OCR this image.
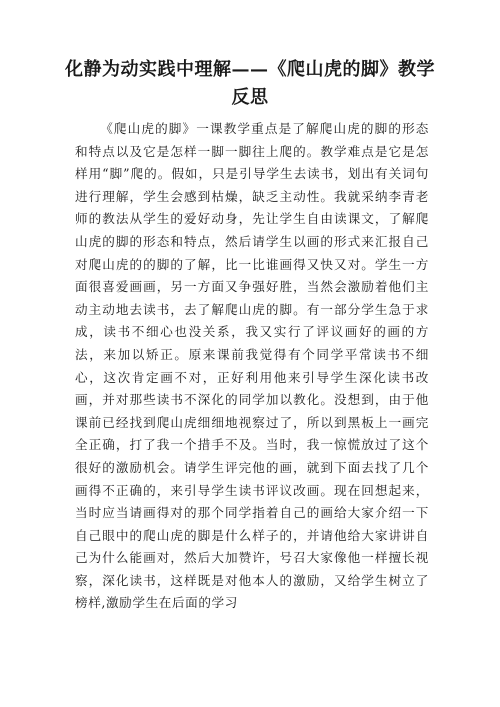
化静为动实践中理解——《爬山虎的脚》教学反思

《爬山虎的脚》一课教学重点是了解爬山虎的脚的形态和特点以及它是怎样一脚一脚往上爬的。教学难点是它是怎样用“脚”爬的。假如，只是引导学生去读书，划出有关词句进行理解，学生会感到枯燥，缺乏主动性。我就采纳李青老师的教法从学生的爱好动身，先让学生自由读课文，了解爬山虎的脚的形态和特点，然后请学生以画的形式来汇报自己对爬山虎的的脚的了解，比一比谁画得又快又对。学生一方面很喜爱画画，另一方面又争强好胜，当然会激励着他们主动主动地去读书，去了解爬山虎的脚。有一部分学生急于求成，读书不细心也没关系，我又实行了评议画好的画的方法，来加以矫正。原来课前我觉得有个同学平常读书不细心，这次肯定画不对，正好利用他来引导学生深化读书改画，并对那些读书不深化的同学加以教化。没想到，由于他课前已经找到爬山虎细细地视察过了，所以到黑板上一画完全正确，打了我一个措手不及。当时，我一惊慌放过了这个很好的激励机会。请学生评完他的画，就到下面去找了几个画得不正确的，来引导学生读书评议改画。现在回想起来，当时应当请画得对的那个同学指着自己的画给大家介绍一下自己眼中的爬山虎的脚是什么样子的，并请他给大家讲讲自己为什么能画对，然后大加赞许，号召大家像他一样擅长视察，深化读书，这样既是对他本人的激励，又给学生树立了榜样,激励学生在后面的学习
